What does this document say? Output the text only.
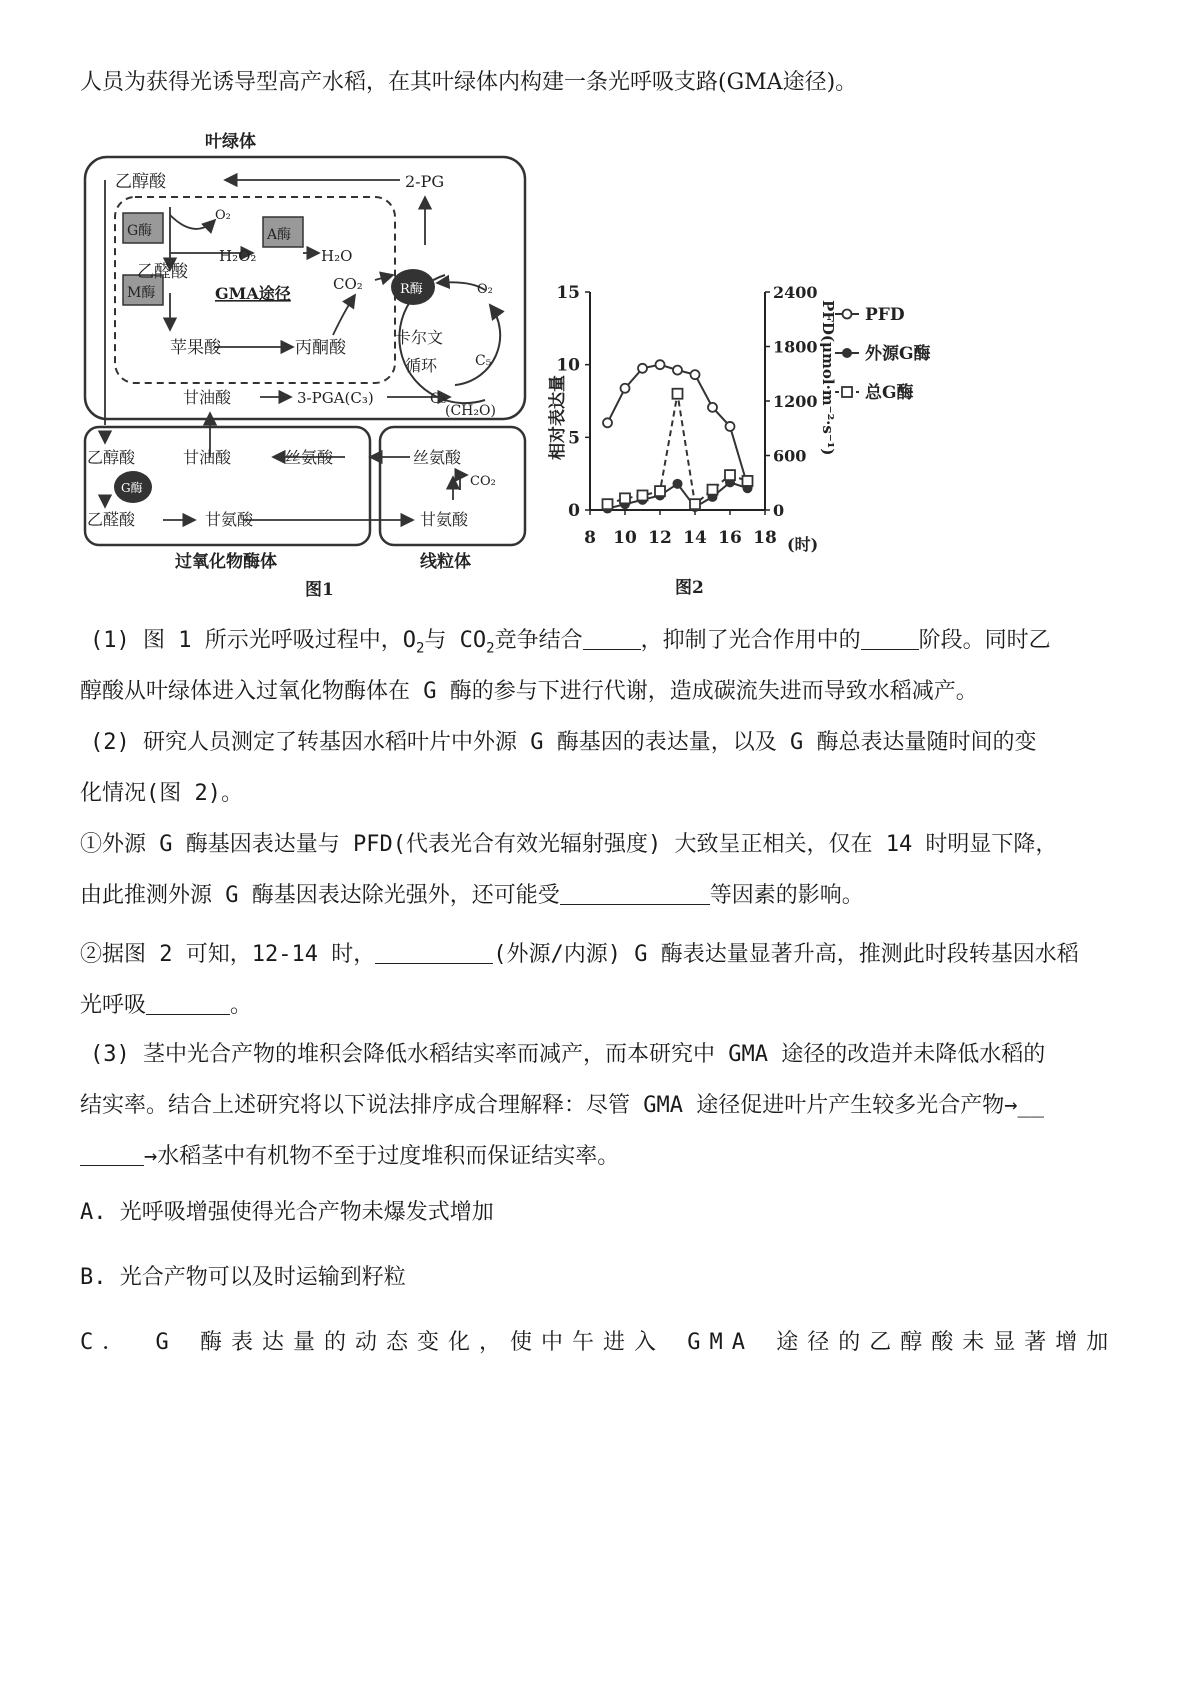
人员为获得光诱导型高产水稻，在其叶绿体内构建一条光呼吸支路(GMA途径)。
叶绿体
乙醇酸	2-PG
O₂
G酶	A酶
H₂O₂	H₂O
乙醛酸
M酶	GMA途径	CO₂	R酶	O₂
苹果酸	丙酮酸
卡尔文
循环	C₅
C₃
(CH₂O)
甘油酸	3-PGA(C₃)
乙醇酸	甘油酸	丝氨酸
G酶
乙醛酸	甘氨酸
丝氨酸
CO₂
甘氨酸
过氧化物酶体	线粒体
图1
0
5
10
15
0
600
1200
1800
2400
8 10 12 14 16 18
PFD
外源G酶
总G酶
相对表达量	PFD(μmol·m⁻²·s⁻¹)
(时)
图2
(1) 图 1 所示光呼吸过程中，$O_2$与 $CO_2$竞争结合	，抑制了光合作用中的	阶段。同时乙
醇酸从叶绿体进入过氧化物酶体在 G 酶的参与下进行代谢，造成碳流失进而导致水稻减产。
(2) 研究人员测定了转基因水稻叶片中外源 G 酶基因的表达量，以及 G 酶总表达量随时间的变
化情况(图 2)。
①外源 G 酶基因表达量与 PFD(代表光合有效光辐射强度) 大致呈正相关，仅在 14 时明显下降，
由此推测外源 G 酶基因表达除光强外，还可能受	等因素的影响。
②据图 2 可知，12-14 时，	(外源/内源) G 酶表达量显著升高，推测此时段转基因水稻
光呼吸	。
(3) 茎中光合产物的堆积会降低水稻结实率而减产，而本研究中 GMA 途径的改造并未降低水稻的
结实率。结合上述研究将以下说法排序成合理解释：尽管 GMA 途径促进叶片产生较多光合产物→__
→水稻茎中有机物不至于过度堆积而保证结实率。
A. 光呼吸增强使得光合产物未爆发式增加
B. 光合产物可以及时运输到籽粒
C． G 酶表达量的动态变化，使中午进入 GMA 途径的乙醇酸未显著增加
